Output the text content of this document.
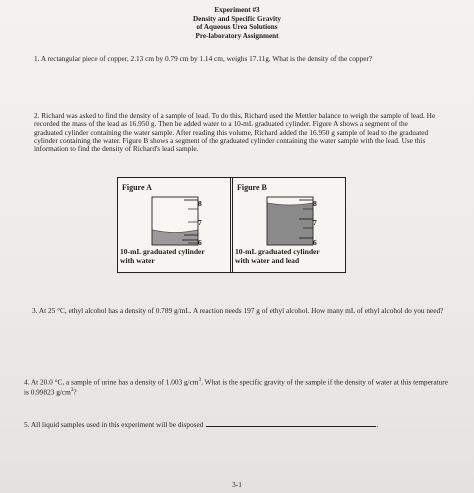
Experiment #3
Density and Specific Gravity
of Aqueous Urea Solutions
Pre-laboratory Assignment
1. A rectangular piece of copper, 2.13 cm by 0.79 cm by 1.14 cm, weighs 17.11g. What is the density of the copper?
2. Richard was asked to find the density of a sample of lead. To do this, Richard used the Mettler balance to weigh the sample of lead. He recorded the mass of the lead as 16.950 g. Then he added water to a 10-mL graduated cylinder. Figure A shows a segment of the graduated cylinder containing the water sample. After reading this volume, Richard added the 16.950 g sample of lead to the graduated cylinder containing the water. Figure B shows a segment of the graduated cylinder containing the water sample with the lead. Use this information to find the density of Richard's lead sample.
Figure A
8
7
6
10-mL graduated cylinder
with water
Figure B
8
7
6
10-mL graduated cylinder
with water and lead
3. At 25 °C, ethyl alcohol has a density of 0.789 g/mL. A reaction needs 197 g of ethyl alcohol. How many mL of ethyl alcohol do you need?
4. At 20.0 °C, a sample of urine has a density of 1.003 $g/cm^3$. What is the specific gravity of the sample if the density of water at this temperature is 0.99823 $g/cm^3$?
5. All liquid samples used in this experiment will be disposed	.
3-1
